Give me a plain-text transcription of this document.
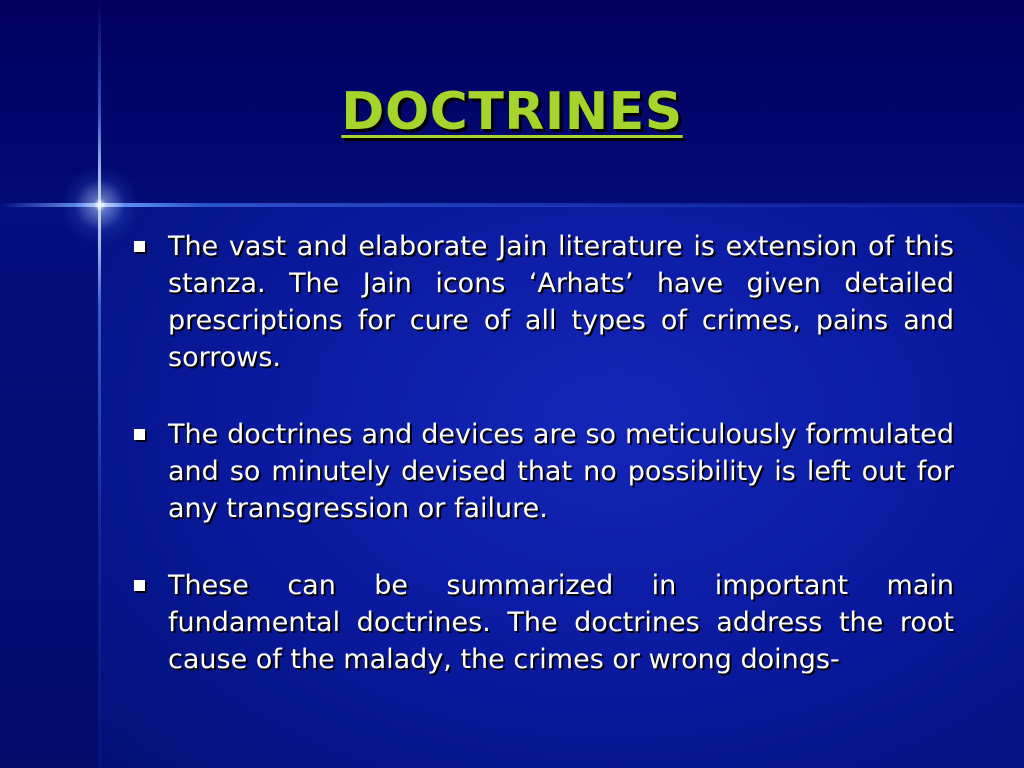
DOCTRINES
The vast and elaborate Jain literature is extension of this stanza. The Jain icons ‘Arhats’ have given detailed prescriptions for cure of all types of crimes, pains and sorrows.
The doctrines and devices are so meticulously formulated and so minutely devised that no possibility is left out for any transgression or failure.
These can be summarized in important main fundamental doctrines. The doctrines address the root cause of the malady, the crimes or wrong doings-
